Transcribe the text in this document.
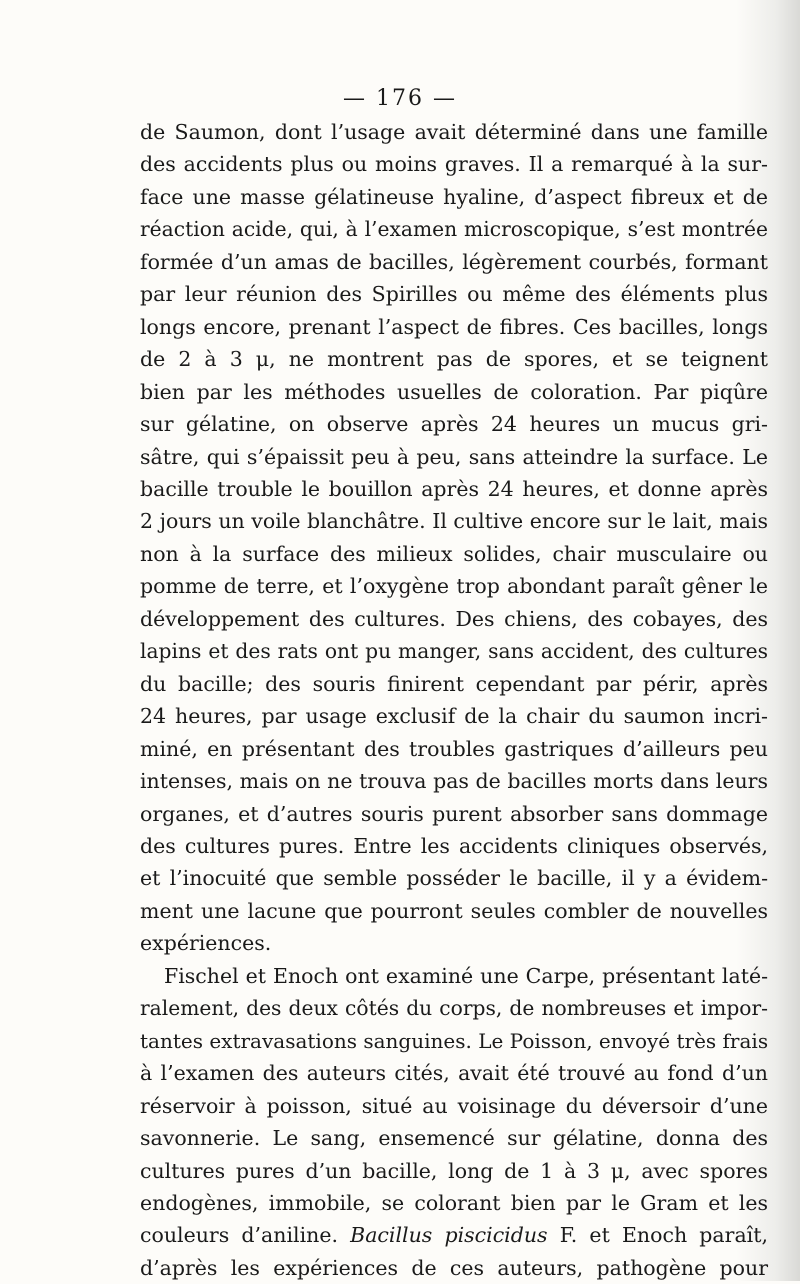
— 176 —
de Saumon, dont l’usage avait déterminé dans une famille
des accidents plus ou moins graves. Il a remarqué à la sur-
face une masse gélatineuse hyaline, d’aspect fibreux et de
réaction acide, qui, à l’examen microscopique, s’est montrée
formée d’un amas de bacilles, légèrement courbés, formant
par leur réunion des Spirilles ou même des éléments plus
longs encore, prenant l’aspect de fibres. Ces bacilles, longs
de 2 à 3 μ, ne montrent pas de spores, et se teignent
bien par les méthodes usuelles de coloration. Par piqûre
sur gélatine, on observe après 24 heures un mucus gri-
sâtre, qui s’épaissit peu à peu, sans atteindre la surface. Le
bacille trouble le bouillon après 24 heures, et donne après
2 jours un voile blanchâtre. Il cultive encore sur le lait, mais
non à la surface des milieux solides, chair musculaire ou
pomme de terre, et l’oxygène trop abondant paraît gêner le
développement des cultures. Des chiens, des cobayes, des
lapins et des rats ont pu manger, sans accident, des cultures
du bacille; des souris finirent cependant par périr, après
24 heures, par usage exclusif de la chair du saumon incri-
miné, en présentant des troubles gastriques d’ailleurs peu
intenses, mais on ne trouva pas de bacilles morts dans leurs
organes, et d’autres souris purent absorber sans dommage
des cultures pures. Entre les accidents cliniques observés,
et l’inocuité que semble posséder le bacille, il y a évidem-
ment une lacune que pourront seules combler de nouvelles
expériences.
Fischel et Enoch ont examiné une Carpe, présentant laté-
ralement, des deux côtés du corps, de nombreuses et impor-
tantes extravasations sanguines. Le Poisson, envoyé très frais
à l’examen des auteurs cités, avait été trouvé au fond d’un
réservoir à poisson, situé au voisinage du déversoir d’une
savonnerie. Le sang, ensemencé sur gélatine, donna des
cultures pures d’un bacille, long de 1 à 3 μ, avec spores
endogènes, immobile, se colorant bien par le Gram et les
couleurs d’aniline. Bacillus piscicidus F. et Enoch paraît,
d’après les expériences de ces auteurs, pathogène pour
